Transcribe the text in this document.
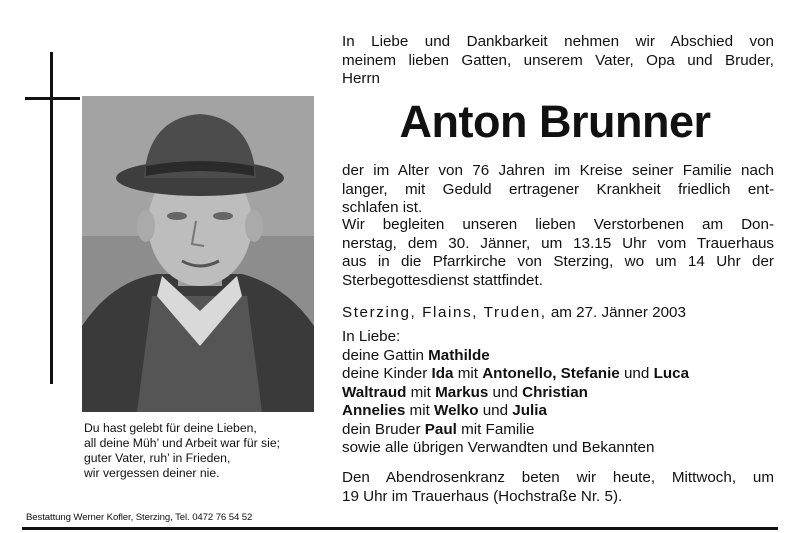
Du hast gelebt für deine Lieben,
all deine Müh’ und Arbeit war für sie;
guter Vater, ruh’ in Frieden,
wir vergessen deiner nie.
Bestattung Werner Kofler, Sterzing, Tel. 0472 76 54 52
In Liebe und Dankbarkeit nehmen wir Abschied von
meinem lieben Gatten, unserem Vater, Opa und Bruder,
Herrn
Anton Brunner
der im Alter von 76 Jahren im Kreise seiner Familie nach
langer, mit Geduld ertragener Krankheit friedlich ent-
schlafen ist.
Wir begleiten unseren lieben Verstorbenen am Don-
nerstag, dem 30. Jänner, um 13.15 Uhr vom Trauerhaus
aus in die Pfarrkirche von Sterzing, wo um 14 Uhr der
Sterbegottesdienst stattfindet.
Sterzing, Flains, Truden, am 27. Jänner 2003
In Liebe:
deine Gattin Mathilde
deine Kinder Ida mit Antonello, Stefanie und Luca
Waltraud mit Markus und Christian
Annelies mit Welko und Julia
dein Bruder Paul mit Familie
sowie alle übrigen Verwandten und Bekannten
Den Abendrosenkranz beten wir heute, Mittwoch, um
19 Uhr im Trauerhaus (Hochstraße Nr. 5).
